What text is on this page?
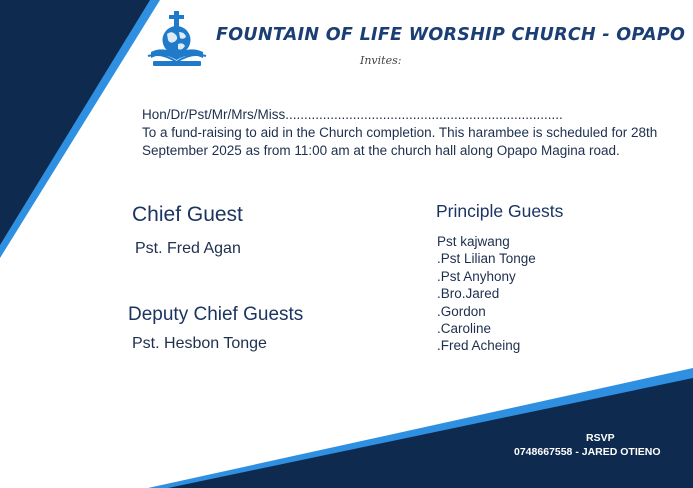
FOUNTAIN OF LIFE WORSHIP CHURCH - OPAPO
Invites:
Hon/Dr/Pst/Mr/Mrs/Miss..........................................................................
To a fund-raising to aid in the Church completion. This harambee is scheduled for 28th September 2025 as from 11:00 am at the church hall along Opapo Magina road.
Chief Guest
Pst. Fred Agan
Deputy Chief Guests
Pst. Hesbon Tonge
Principle Guests
Pst kajwang
.Pst Lilian Tonge
.Pst Anyhony
.Bro.Jared
.Gordon
.Caroline
.Fred Acheing
RSVP
0748667558 - JARED OTIENO
